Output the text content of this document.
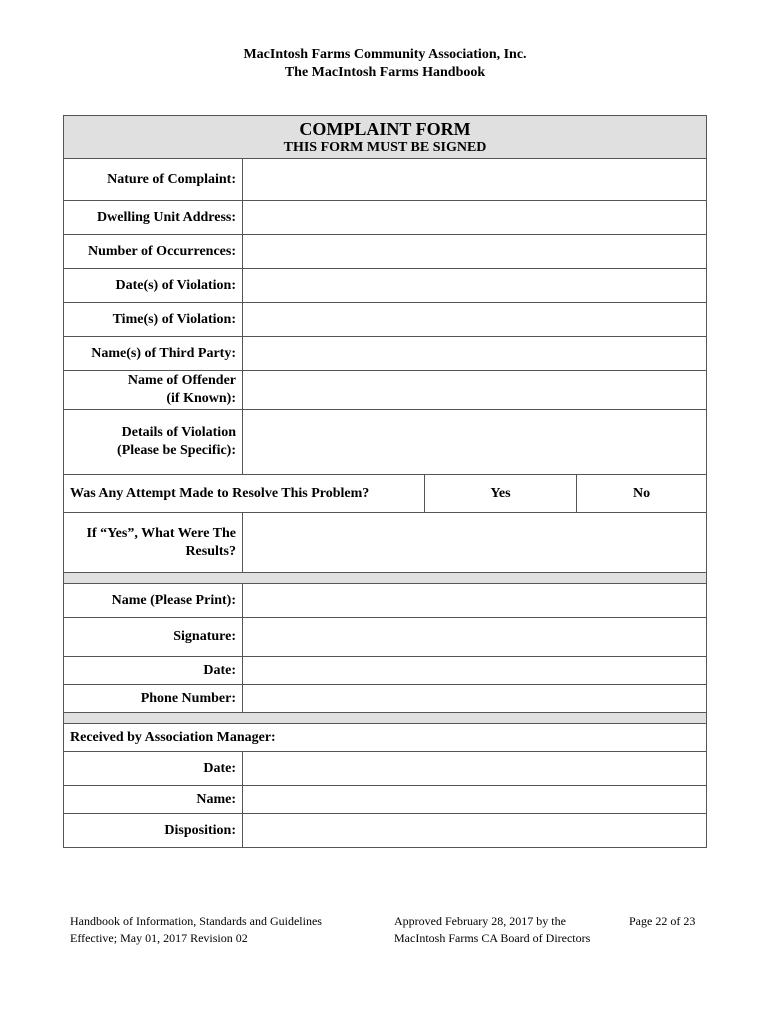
MacIntosh Farms Community Association, Inc.
The MacIntosh Farms Handbook
COMPLAINT FORM
THIS FORM MUST BE SIGNED			

Nature of Complaint:			
Dwelling Unit Address:			
Number of Occurrences:			
Date(s) of Violation:			
Time(s) of Violation:			
Name(s) of Third Party:			

Name of Offender
(if Known):			

Details of Violation
(Please be Specific):			

Was Any Attempt Made to Resolve This Problem?		Yes	No

If “Yes”, What Were The
Results?			

Name (Please Print):			
Signature:			
Date:			
Phone Number:			

Received by Association Manager:			
Date:			
Name:			
Disposition:			
Handbook of Information, Standards and Guidelines
Effective; May 01, 2017 Revision 02
Approved February 28, 2017 by the
MacIntosh Farms CA Board of Directors
Page 22 of 23
